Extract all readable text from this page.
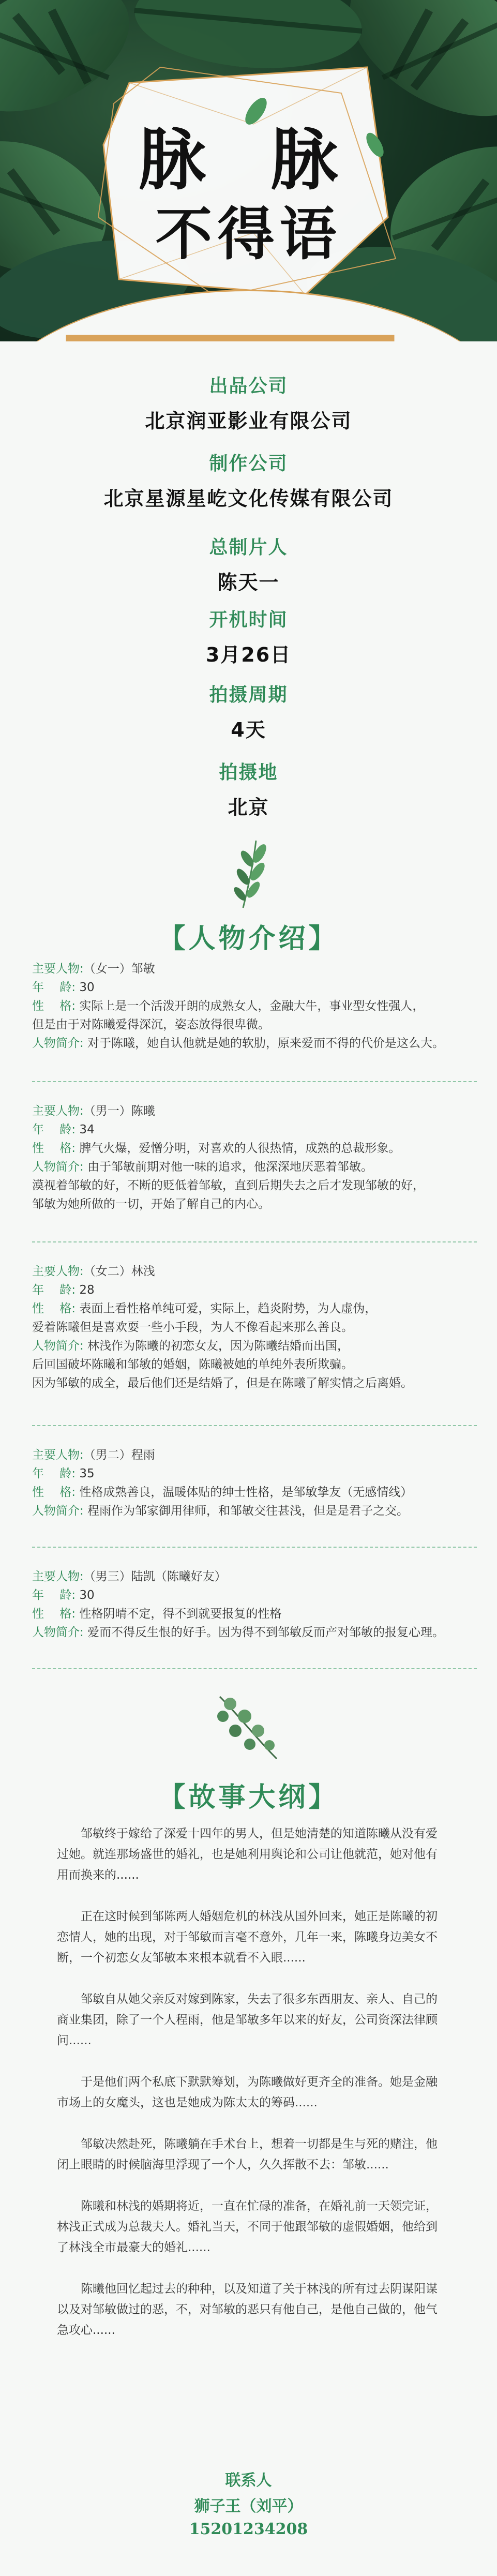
脉 脉
不得语
出品公司
北京润亚影业有限公司
制作公司
北京星源星屹文化传媒有限公司
总制片人
陈天一
开机时间
3月26日
拍摄周期
4天
拍摄地
北京
【人物介绍】
主要人物:（女一）邹敏
年　 龄: 30
性　 格: 实际上是一个活泼开朗的成熟女人，金融大牛，事业型女性强人，
但是由于对陈曦爱得深沉，姿态放得很卑微。
人物简介: 对于陈曦，她自认他就是她的软肋，原来爱而不得的代价是这么大。
主要人物:（男一）陈曦
年　 龄: 34
性　 格: 脾气火爆，爱憎分明，对喜欢的人很热情，成熟的总裁形象。
人物简介: 由于邹敏前期对他一味的追求，他深深地厌恶着邹敏。
漠视着邹敏的好，不断的贬低着邹敏，直到后期失去之后才发现邹敏的好，
邹敏为她所做的一切，开始了解自己的内心。
主要人物:（女二）林浅
年　 龄: 28
性　 格: 表面上看性格单纯可爱，实际上，趋炎附势，为人虚伪，
爱着陈曦但是喜欢耍一些小手段，为人不像看起来那么善良。
人物简介: 林浅作为陈曦的初恋女友，因为陈曦结婚而出国，
后回国破坏陈曦和邹敏的婚姻，陈曦被她的单纯外表所欺骗。
因为邹敏的成全，最后他们还是结婚了，但是在陈曦了解实情之后离婚。
主要人物:（男二）程雨
年　 龄: 35
性　 格: 性格成熟善良，温暖体贴的绅士性格，是邹敏挚友（无感情线）
人物简介: 程雨作为邹家御用律师，和邹敏交往甚浅，但是是君子之交。
主要人物:（男三）陆凯（陈曦好友）
年　 龄: 30
性　 格: 性格阴晴不定，得不到就要报复的性格
人物简介: 爱而不得反生恨的好手。因为得不到邹敏反而产对邹敏的报复心理。
【故事大纲】

邹敏终于嫁给了深爱十四年的男人，但是她清楚的知道陈曦从没有爱过她。就连那场盛世的婚礼，也是她利用舆论和公司让他就范，她对他有用而换来的......

正在这时候到邹陈两人婚姻危机的林浅从国外回来，她正是陈曦的初恋情人，她的出现，对于邹敏而言毫不意外，几年一来，陈曦身边美女不断，一个初恋女友邹敏本来根本就看不入眼......

邹敏自从她父亲反对嫁到陈家，失去了很多东西朋友、亲人、自己的商业集团，除了一个人程雨，他是邹敏多年以来的好友，公司资深法律顾问......

于是他们两个私底下默默筹划，为陈曦做好更齐全的准备。她是金融市场上的女魔头，这也是她成为陈太太的筹码......

邹敏决然赴死，陈曦躺在手术台上，想着一切都是生与死的赌注，他闭上眼睛的时候脑海里浮现了一个人，久久挥散不去：邹敏......

陈曦和林浅的婚期将近，一直在忙碌的准备，在婚礼前一天领完证，林浅正式成为总裁夫人。婚礼当天，不同于他跟邹敏的虚假婚姻，他给到了林浅全市最豪大的婚礼......

陈曦他回忆起过去的种种，以及知道了关于林浅的所有过去阴谋阳谋以及对邹敏做过的恶，不，对邹敏的恶只有他自己，是他自己做的，他气急攻心......

联系人
狮子王（刘平）
15201234208
